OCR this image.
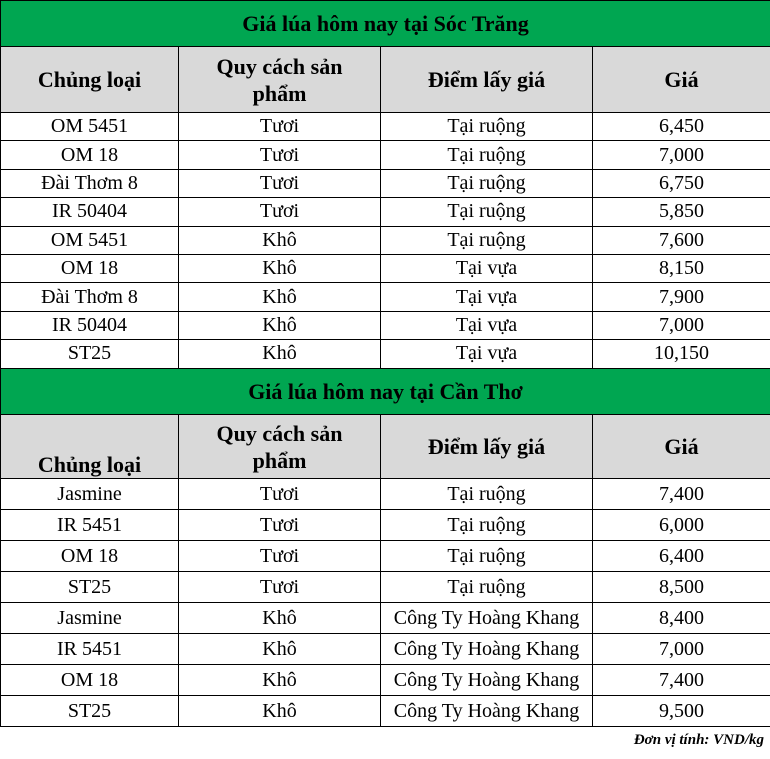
Giá lúa hôm nay tại Sóc Trăng			
Chủng loại	Quy cách sản phẩm	Điểm lấy giá	Giá
OM 5451	Tươi	Tại ruộng	6,450
OM 18	Tươi	Tại ruộng	7,000
Đài Thơm 8	Tươi	Tại ruộng	6,750
IR 50404	Tươi	Tại ruộng	5,850
OM 5451	Khô	Tại ruộng	7,600
OM 18	Khô	Tại vựa	8,150
Đài Thơm 8	Khô	Tại vựa	7,900
IR 50404	Khô	Tại vựa	7,000
ST25	Khô	Tại vựa	10,150
Giá lúa hôm nay tại Cần Thơ			
Chủng loại	Quy cách sản phẩm	Điểm lấy giá	Giá
Jasmine	Tươi	Tại ruộng	7,400
IR 5451	Tươi	Tại ruộng	6,000
OM 18	Tươi	Tại ruộng	6,400
ST25	Tươi	Tại ruộng	8,500
Jasmine	Khô	Công Ty Hoàng Khang	8,400
IR 5451	Khô	Công Ty Hoàng Khang	7,000
OM 18	Khô	Công Ty Hoàng Khang	7,400
ST25	Khô	Công Ty Hoàng Khang	9,500
Đơn vị tính: VND/kg
